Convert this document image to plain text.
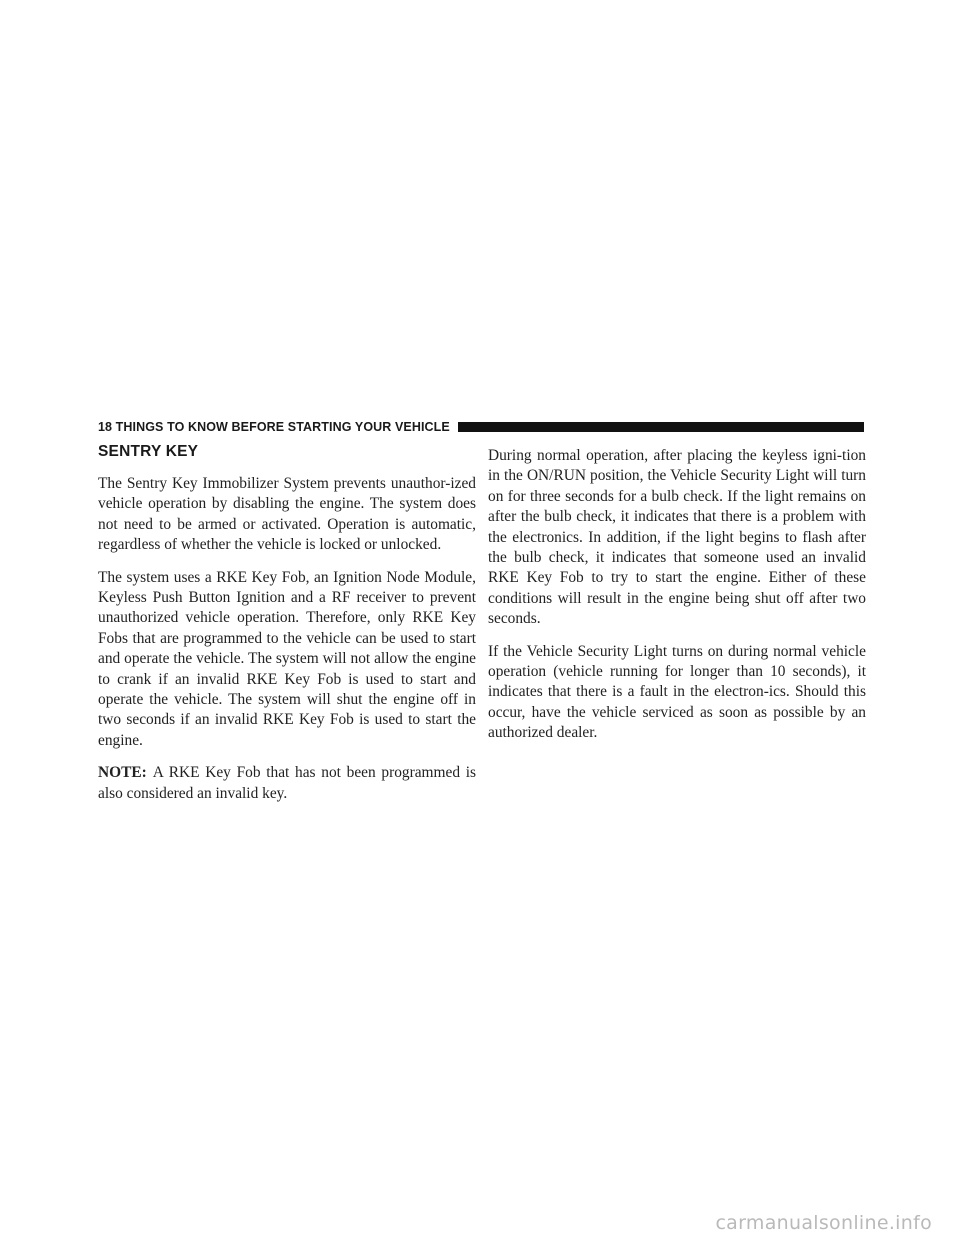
18 THINGS TO KNOW BEFORE STARTING YOUR VEHICLE
SENTRY KEY

The Sentry Key Immobilizer System prevents unauthor-ized vehicle operation by disabling the engine. The system does not need to be armed or activated. Operation is automatic, regardless of whether the vehicle is locked or unlocked.

The system uses a RKE Key Fob, an Ignition Node Module, Keyless Push Button Ignition and a RF receiver to prevent unauthorized vehicle operation. Therefore, only RKE Key Fobs that are programmed to the vehicle can be used to start and operate the vehicle. The system will not allow the engine to crank if an invalid RKE Key Fob is used to start and operate the vehicle. The system will shut the engine off in two seconds if an invalid RKE Key Fob is used to start the engine.

NOTE: A RKE Key Fob that has not been programmed is also considered an invalid key.

During normal operation, after placing the keyless igni-tion in the ON/RUN position, the Vehicle Security Light will turn on for three seconds for a bulb check. If the light remains on after the bulb check, it indicates that there is a problem with the electronics. In addition, if the light begins to flash after the bulb check, it indicates that someone used an invalid RKE Key Fob to try to start the engine. Either of these conditions will result in the engine being shut off after two seconds.

If the Vehicle Security Light turns on during normal vehicle operation (vehicle running for longer than 10 seconds), it indicates that there is a fault in the electron-ics. Should this occur, have the vehicle serviced as soon as possible by an authorized dealer.

carmanualsonline.info
